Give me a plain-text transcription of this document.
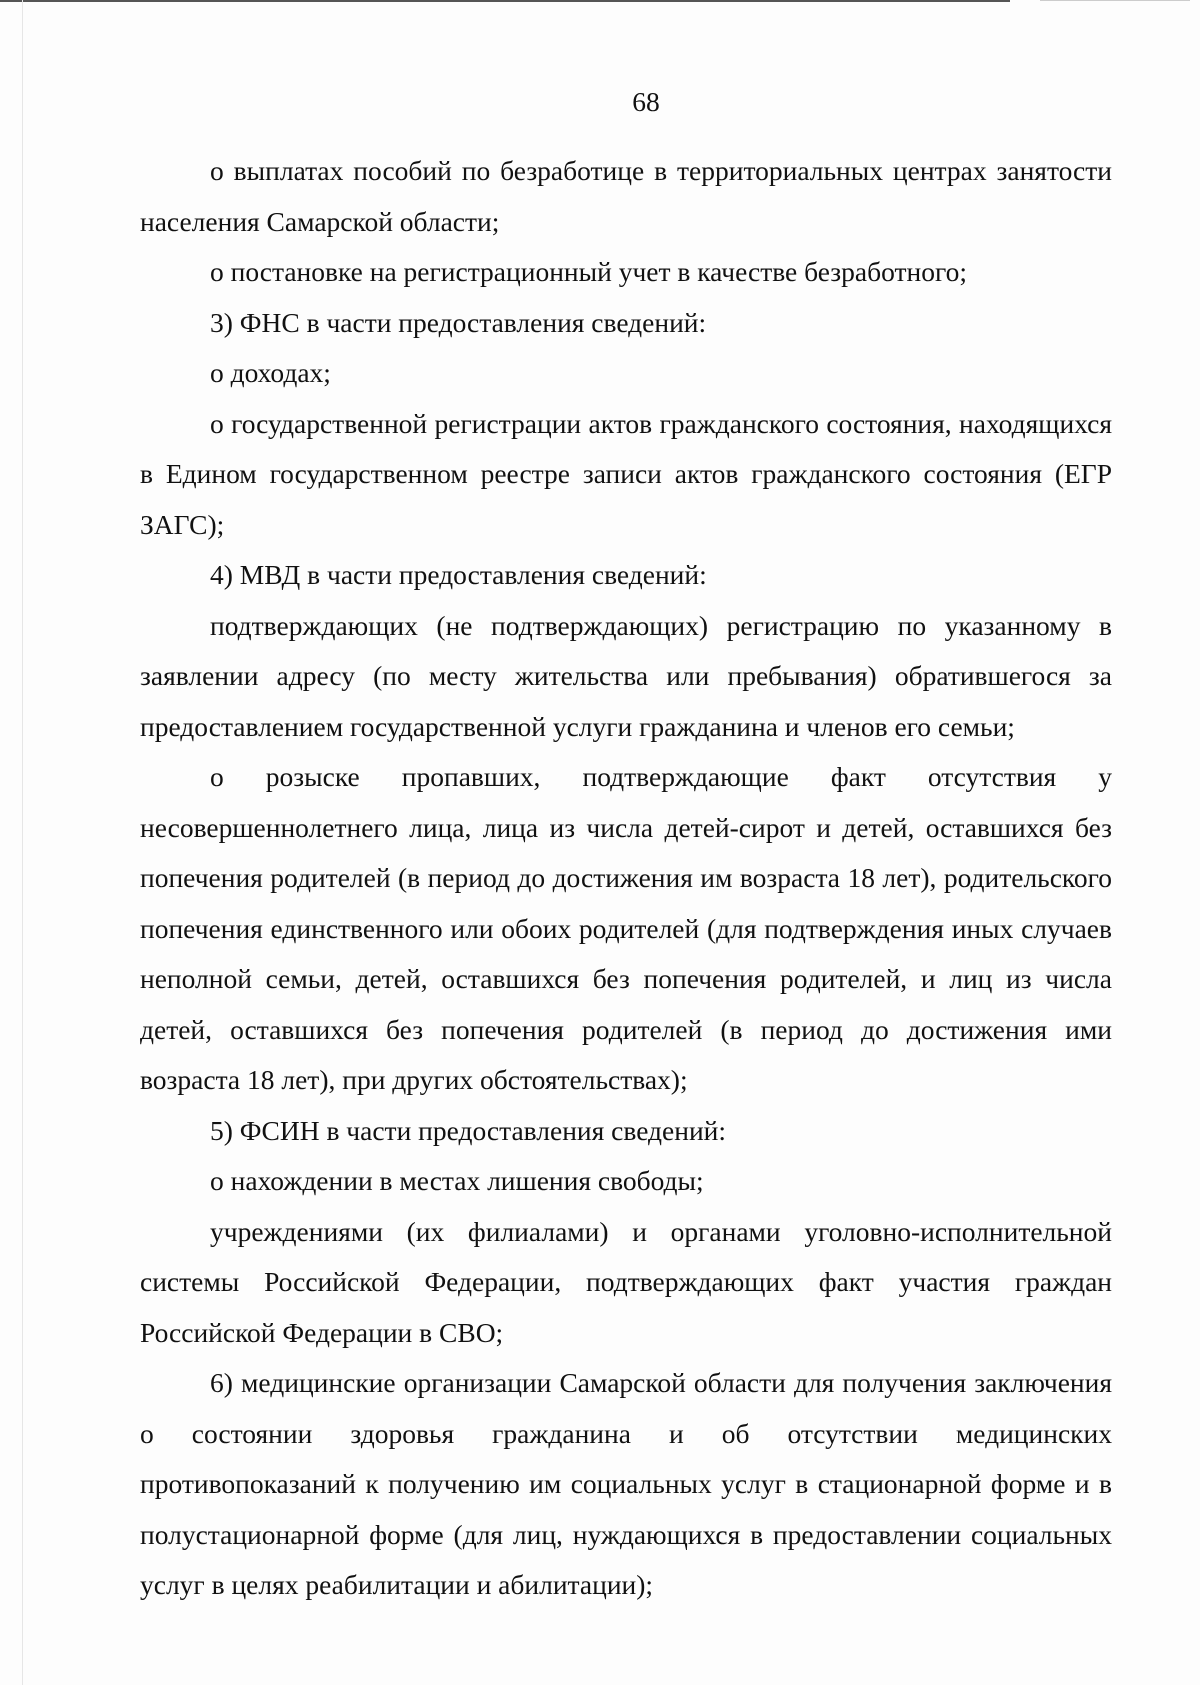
68

о выплатах пособий по безработице в территориальных центрах занятости населения Самарской области;

о постановке на регистрационный учет в качестве безработного;

3) ФНС в части предоставления сведений:

о доходах;

о государственной регистрации актов гражданского состояния, находящихся в Едином государственном реестре записи актов гражданского состояния (ЕГР ЗАГС);

4) МВД в части предоставления сведений:

подтверждающих (не подтверждающих) регистрацию по указанному в заявлении адресу (по месту жительства или пребывания) обратившегося за предоставлением государственной услуги гражданина и членов его семьи;

о розыске пропавших, подтверждающие факт отсутствия у несовершеннолетнего лица, лица из числа детей-сирот и детей, оставшихся без попечения родителей (в период до достижения им возраста 18 лет), родительского попечения единственного или обоих родителей (для подтверждения иных случаев неполной семьи, детей, оставшихся без попечения родителей, и лиц из числа детей, оставшихся без попечения родителей (в период до достижения ими возраста 18 лет), при других обстоятельствах);

5) ФСИН в части предоставления сведений:

о нахождении в местах лишения свободы;

учреждениями (их филиалами) и органами уголовно-исполнительной системы Российской Федерации, подтверждающих факт участия граждан Российской Федерации в СВО;

6) медицинские организации Самарской области для получения заключения о состоянии здоровья гражданина и об отсутствии медицинских противопоказаний к получению им социальных услуг в стационарной форме и в полустационарной форме (для лиц, нуждающихся в предоставлении социальных услуг в целях реабилитации и абилитации);
